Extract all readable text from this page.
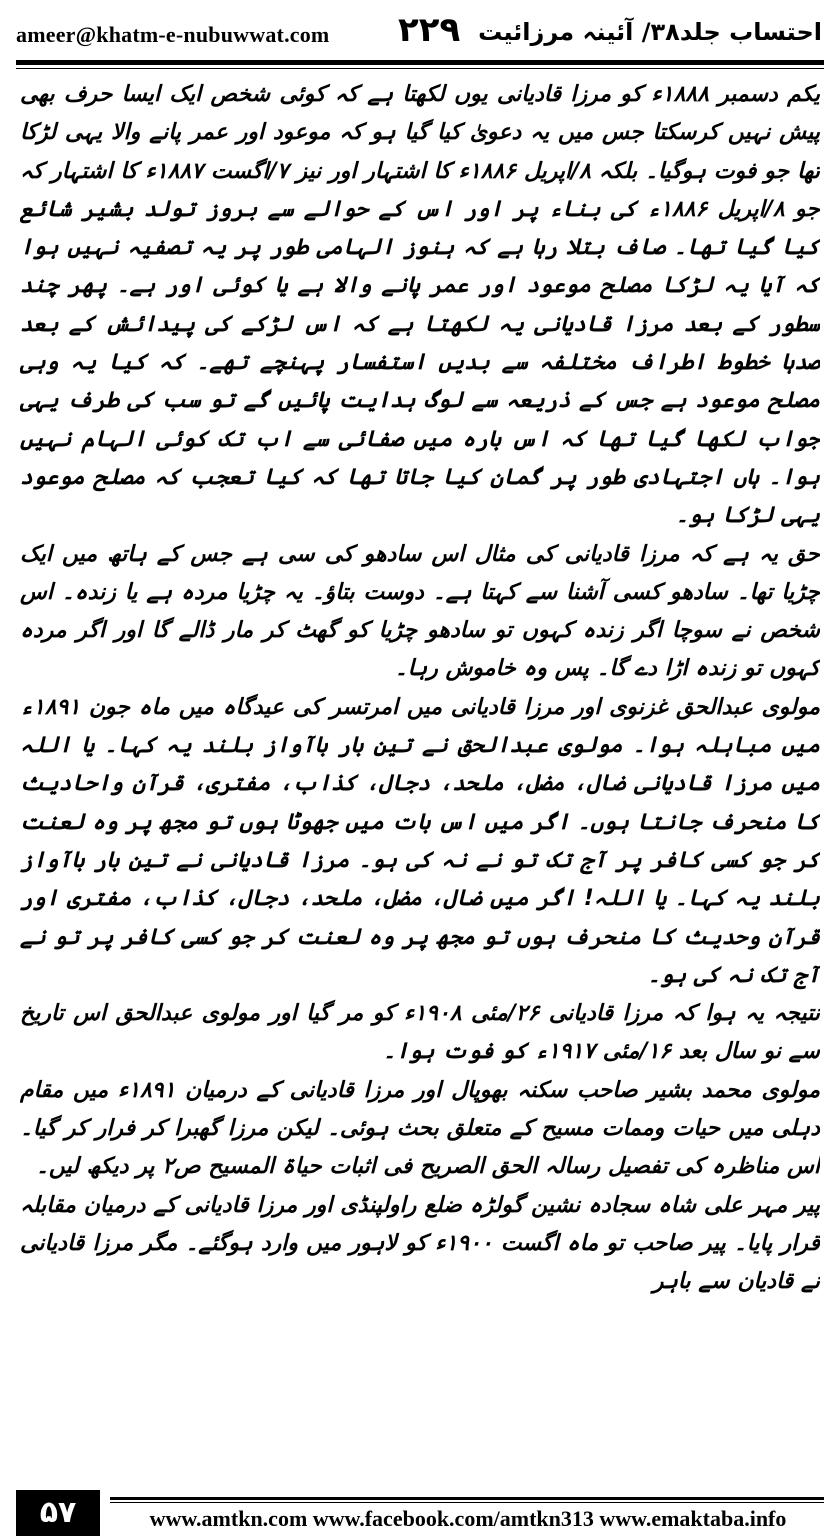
ameer@khatm-e-nubuwwat.com ۲۲۹ احتساب جلد۳۸/ آئینہ مرزائیت

یکم دسمبر ۱۸۸۸ء کو مرزا قادیانی یوں لکھتا ہے کہ کوئی شخص ایک ایسا حرف بھی پیش نہیں کرسکتا جس میں یہ دعویٰ کیا گیا ہو کہ موعود اور عمر پانے والا یہی لڑکا تھا جو فوت ہوگیا۔ بلکہ ۸/اپریل ۱۸۸۶ء کا اشتہار اور نیز ۷/اگست ۱۸۸۷ء کا اشتہار کہ جو ۸/اپریل ۱۸۸۶ء کی بناء پر اور اس کے حوالے سے بروز تولد بشیر شائع کیا گیا تھا۔ صاف بتلا رہا ہے کہ ہنوز الہامی طور پر یہ تصفیہ نہیں ہوا کہ آیا یہ لڑکا مصلح موعود اور عمر پانے والا ہے یا کوئی اور ہے۔ پھر چند سطور کے بعد مرزا قادیانی یہ لکھتا ہے کہ اس لڑکے کی پیدائش کے بعد صدہا خطوط اطراف مختلفہ سے بدیں استفسار پہنچے تھے۔ کہ کیا یہ وہی مصلح موعود ہے جس کے ذریعہ سے لوگ ہدایت پائیں گے تو سب کی طرف یہی جواب لکھا گیا تھا کہ اس بارہ میں صفائی سے اب تک کوئی الہام نہیں ہوا۔ ہاں اجتہادی طور پر گمان کیا جاتا تھا کہ کیا تعجب کہ مصلح موعود یہی لڑکا ہو۔

حق یہ ہے کہ مرزا قادیانی کی مثال اس سادھو کی سی ہے جس کے ہاتھ میں ایک چڑیا تھا۔ سادھو کسی آشنا سے کہتا ہے۔ دوست بتاؤ۔ یہ چڑیا مردہ ہے یا زندہ۔ اس شخص نے سوچا اگر زندہ کہوں تو سادھو چڑیا کو گھٹ کر مار ڈالے گا اور اگر مردہ کہوں تو زندہ اڑا دے گا۔ پس وہ خاموش رہا۔

مولوی عبدالحق غزنوی اور مرزا قادیانی میں امرتسر کی عیدگاہ میں ماہ جون ۱۸۹۱ء میں مباہلہ ہوا۔ مولوی عبدالحق نے تین بار باآواز بلند یہ کہا۔ یا اللہ میں مرزا قادیانی ضال، مضل، ملحد، دجال، کذاب، مفتری، قرآن واحادیث کا منحرف جانتا ہوں۔ اگر میں اس بات میں جھوٹا ہوں تو مجھ پر وہ لعنت کر جو کسی کافر پر آج تک تو نے نہ کی ہو۔ مرزا قادیانی نے تین بار باآواز بلند یہ کہا۔ یا اللہ! اگر میں ضال، مضل، ملحد، دجال، کذاب، مفتری اور قرآن وحدیث کا منحرف ہوں تو مجھ پر وہ لعنت کر جو کسی کافر پر تو نے آج تک نہ کی ہو۔

نتیجہ یہ ہوا کہ مرزا قادیانی ۲۶/مئی ۱۹۰۸ء کو مر گیا اور مولوی عبدالحق اس تاریخ سے نو سال بعد ۱۶/مئی ۱۹۱۷ء کو فوت ہوا۔

مولوی محمد بشیر صاحب سکنہ بھوپال اور مرزا قادیانی کے درمیان ۱۸۹۱ء میں مقام دہلی میں حیات وممات مسیح کے متعلق بحث ہوئی۔ لیکن مرزا گھبرا کر فرار کر گیا۔ اس مناظرہ کی تفصیل رسالہ الحق الصریح فی اثبات حیاۃ المسیح ص۲ پر دیکھ لیں۔

پیر مہر علی شاہ سجادہ نشین گولڑہ ضلع راولپنڈی اور مرزا قادیانی کے درمیان مقابلہ قرار پایا۔ پیر صاحب تو ماہ اگست ۱۹۰۰ء کو لاہور میں وارد ہوگئے۔ مگر مرزا قادیانی نے قادیان سے باہر

۵۷	www.amtkn.com www.facebook.com/amtkn313 www.emaktaba.info
